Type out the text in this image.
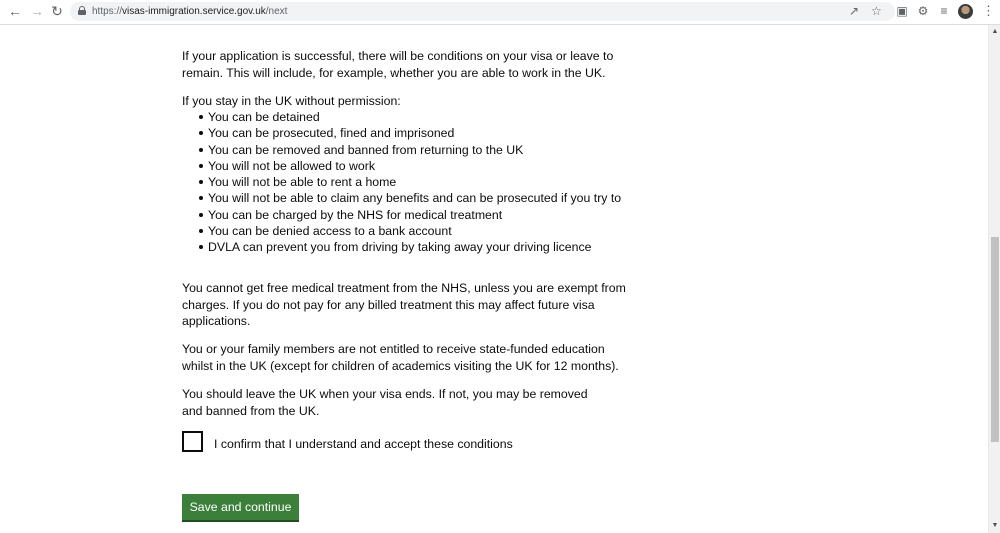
← → ↻	https://visas-immigration.service.gov.uk/next	↗ ☆ ▣ ⚙	≡	⋮

If your application is successful, there will be conditions on your visa or leave to remain. This will include, for example, whether you are able to work in the UK.

If you stay in the UK without permission:

You can be detained
You can be prosecuted, fined and imprisoned
You can be removed and banned from returning to the UK
You will not be allowed to work
You will not be able to rent a home
You will not be able to claim any benefits and can be prosecuted if you try to
You can be charged by the NHS for medical treatment
You can be denied access to a bank account
DVLA can prevent you from driving by taking away your driving licence

You cannot get free medical treatment from the NHS, unless you are exempt from charges. If you do not pay for any billed treatment this may affect future visa applications.

You or your family members are not entitled to receive state-funded education whilst in the UK (except for children of academics visiting the UK for 12 months).

You should leave the UK when your visa ends. If not, you may be removed and banned from the UK.

I confirm that I understand and accept these conditions
Save and continue
▲
▼
